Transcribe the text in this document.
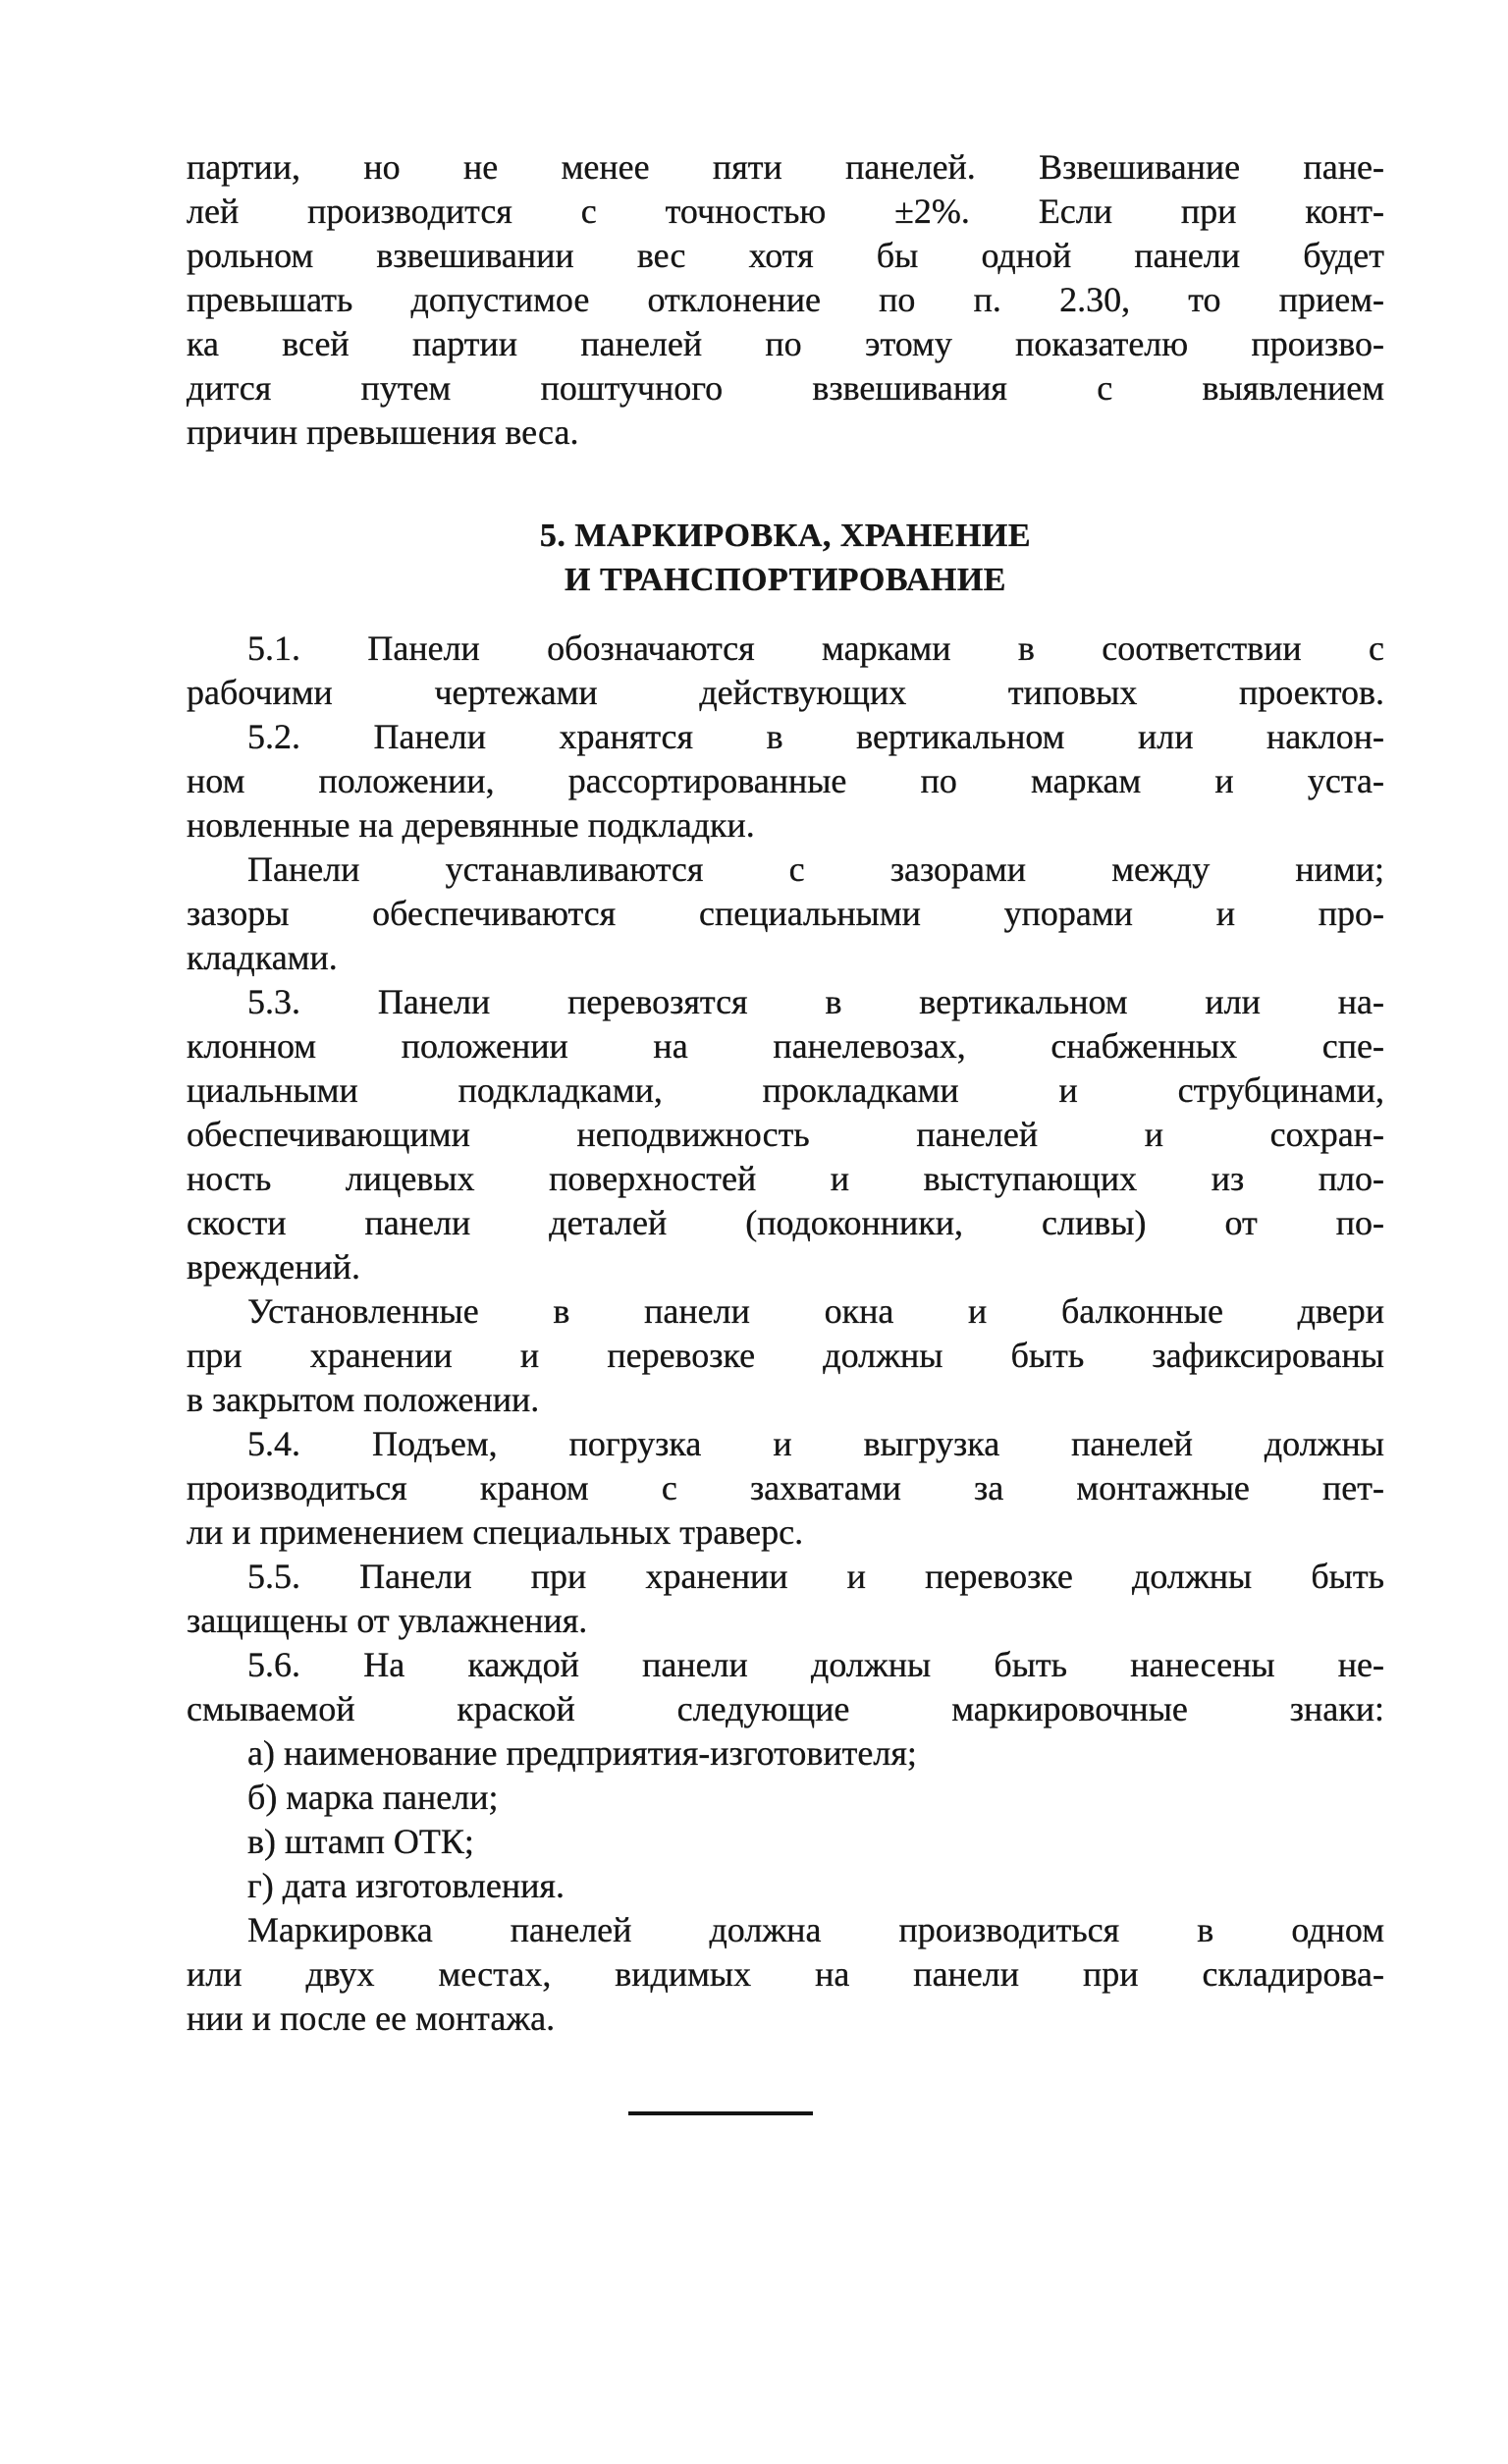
партии, но не менее пяти панелей. Взвешивание пане-
лей производится с точностью ±2%. Если при конт-
рольном взвешивании вес хотя бы одной панели будет
превышать допустимое отклонение по п. 2.30, то прием-
ка всей партии панелей по этому показателю произво-
дится путем поштучного взвешивания с выявлением
причин превышения веса.
5. МАРКИРОВКА, ХРАНЕНИЕ
И ТРАНСПОРТИРОВАНИЕ
5.1. Панели обозначаются марками в соответствии с
рабочими чертежами действующих типовых проектов.
5.2. Панели хранятся в вертикальном или наклон-
ном положении, рассортированные по маркам и уста-
новленные на деревянные подкладки.
Панели устанавливаются с зазорами между ними;
зазоры обеспечиваются специальными упорами и про-
кладками.
5.3. Панели перевозятся в вертикальном или на-
клонном положении на панелевозах, снабженных спе-
циальными подкладками, прокладками и струбцинами,
обеспечивающими неподвижность панелей и сохран-
ность лицевых поверхностей и выступающих из пло-
скости панели деталей (подоконники, сливы) от по-
вреждений.
Установленные в панели окна и балконные двери
при хранении и перевозке должны быть зафиксированы
в закрытом положении.
5.4. Подъем, погрузка и выгрузка панелей должны
производиться краном с захватами за монтажные пет-
ли и применением специальных траверс.
5.5. Панели при хранении и перевозке должны быть
защищены от увлажнения.
5.6. На каждой панели должны быть нанесены не-
смываемой краской следующие маркировочные знаки:
а) наименование предприятия-изготовителя;
б) марка панели;
в) штамп ОТК;
г) дата изготовления.
Маркировка панелей должна производиться в одном
или двух местах, видимых на панели при складирова-
нии и после ее монтажа.
